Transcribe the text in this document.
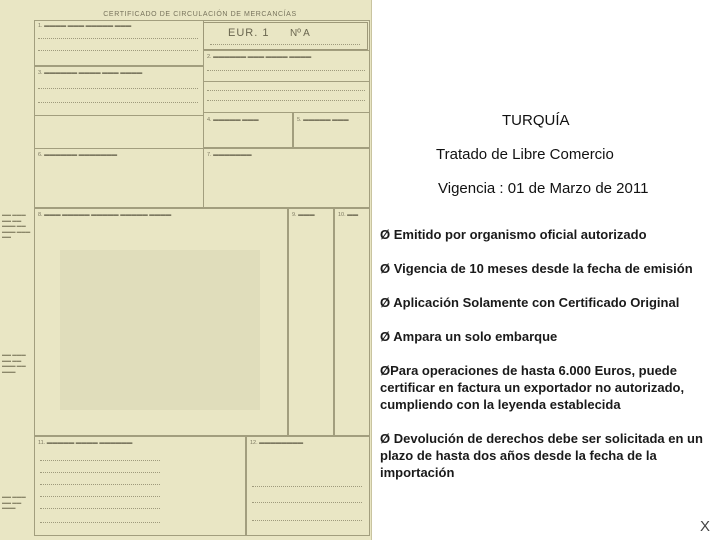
CERTIFICADO DE CIRCULACIÓN DE MERCANCÍAS
1. ▬▬▬▬ ▬▬▬ ▬▬▬▬▬ ▬▬▬
EUR. 1 Nº A
2. ▬▬▬▬▬▬ ▬▬▬ ▬▬▬▬ ▬▬▬▬
3. ▬▬▬▬▬▬ ▬▬▬▬ ▬▬▬ ▬▬▬▬
4. ▬▬▬▬▬ ▬▬▬	5. ▬▬▬▬▬ ▬▬▬
6. ▬▬▬▬▬▬ ▬▬▬▬▬▬▬	7. ▬▬▬▬▬▬▬
8. ▬▬▬ ▬▬▬▬▬ ▬▬▬▬▬ ▬▬▬▬▬ ▬▬▬▬	9. ▬▬▬	10. ▬▬
11. ▬▬▬▬▬ ▬▬▬▬ ▬▬▬▬▬▬	12. ▬▬▬▬▬▬▬▬
▬▬ ▬▬▬ ▬▬ ▬▬ ▬▬▬ ▬▬ ▬▬▬ ▬▬▬ ▬▬
▬▬ ▬▬▬ ▬▬ ▬▬ ▬▬▬ ▬▬ ▬▬▬
▬▬ ▬▬▬ ▬▬ ▬▬ ▬▬▬
TURQUÍA
Tratado de Libre Comercio
Vigencia : 01 de Marzo de 2011
Ø Emitido por organismo oficial autorizado
Ø Vigencia de 10 meses desde la fecha de emisión
Ø Aplicación Solamente con Certificado Original
Ø Ampara un solo embarque
ØPara operaciones de hasta 6.000 Euros, puede certificar en factura un exportador no autorizado, cumpliendo con la leyenda establecida
Ø Devolución de derechos debe ser solicitada en un plazo de hasta dos años desde la fecha de la importación
X
